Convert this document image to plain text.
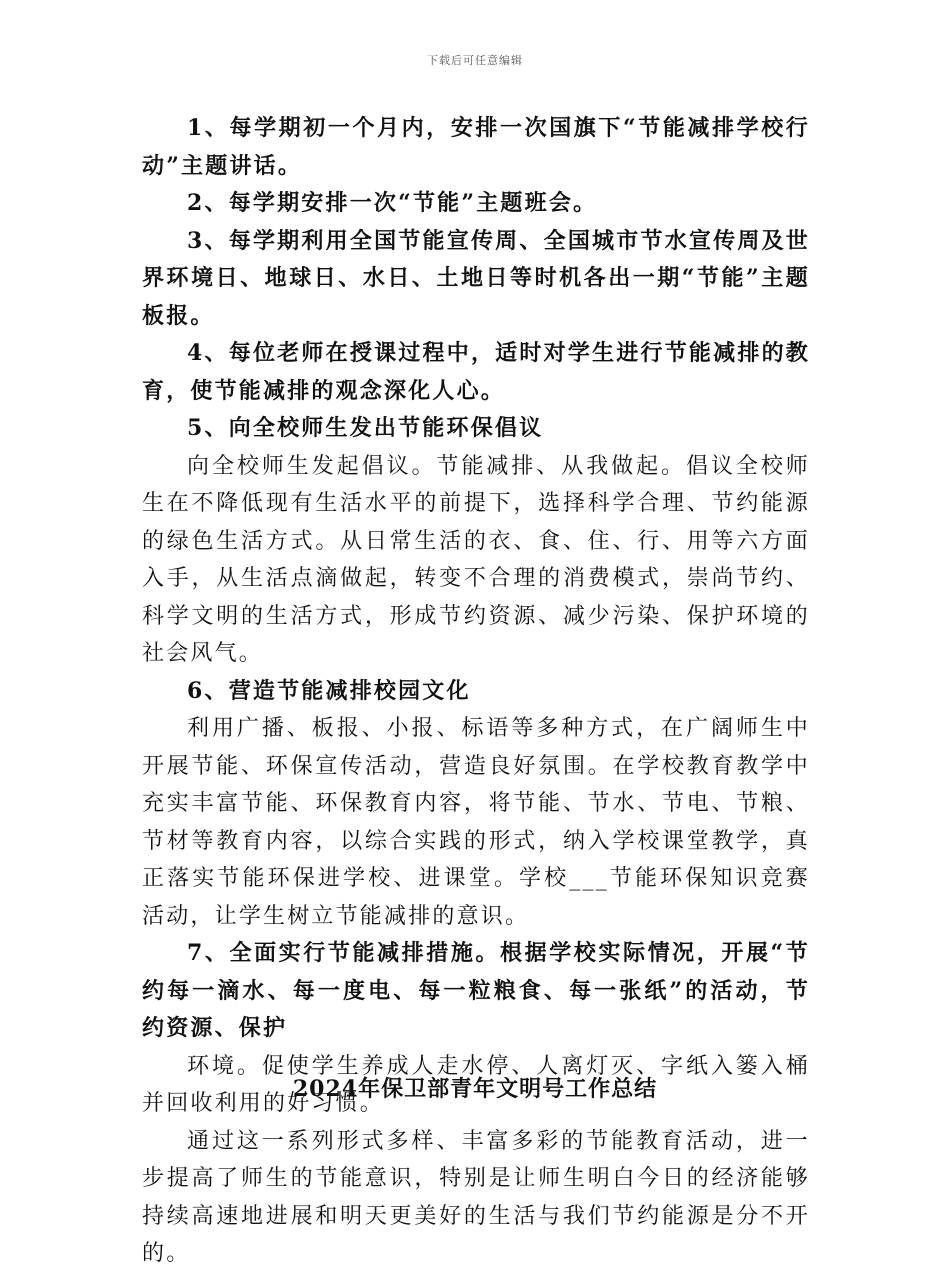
下载后可任意编辑

1、每学期初一个月内，安排一次国旗下“节能减排学校行动”主题讲话。

2、每学期安排一次“节能”主题班会。

3、每学期利用全国节能宣传周、全国城市节水宣传周及世界环境日、地球日、水日、土地日等时机各出一期“节能”主题板报。

4、每位老师在授课过程中，适时对学生进行节能减排的教育，使节能减排的观念深化人心。

5、向全校师生发出节能环保倡议

向全校师生发起倡议。节能减排、从我做起。倡议全校师生在不降低现有生活水平的前提下，选择科学合理、节约能源的绿色生活方式。从日常生活的衣、食、住、行、用等六方面入手，从生活点滴做起，转变不合理的消费模式，崇尚节约、科学文明的生活方式，形成节约资源、减少污染、保护环境的社会风气。

6、营造节能减排校园文化

利用广播、板报、小报、标语等多种方式，在广阔师生中开展节能、环保宣传活动，营造良好氛围。在学校教育教学中充实丰富节能、环保教育内容，将节能、节水、节电、节粮、节材等教育内容，以综合实践的形式，纳入学校课堂教学，真正落实节能环保进学校、进课堂。学校___节能环保知识竞赛活动，让学生树立节能减排的意识。

7、全面实行节能减排措施。根据学校实际情况，开展“节约每一滴水、每一度电、每一粒粮食、每一张纸”的活动，节约资源、保护

环境。促使学生养成人走水停、人离灯灭、字纸入篓入桶并回收利用的好习惯。

通过这一系列形式多样、丰富多彩的节能教育活动，进一步提高了师生的节能意识，特别是让师生明白今日的经济能够持续高速地进展和明天更美好的生活与我们节约能源是分不开的。

2024年保卫部青年文明号工作总结
